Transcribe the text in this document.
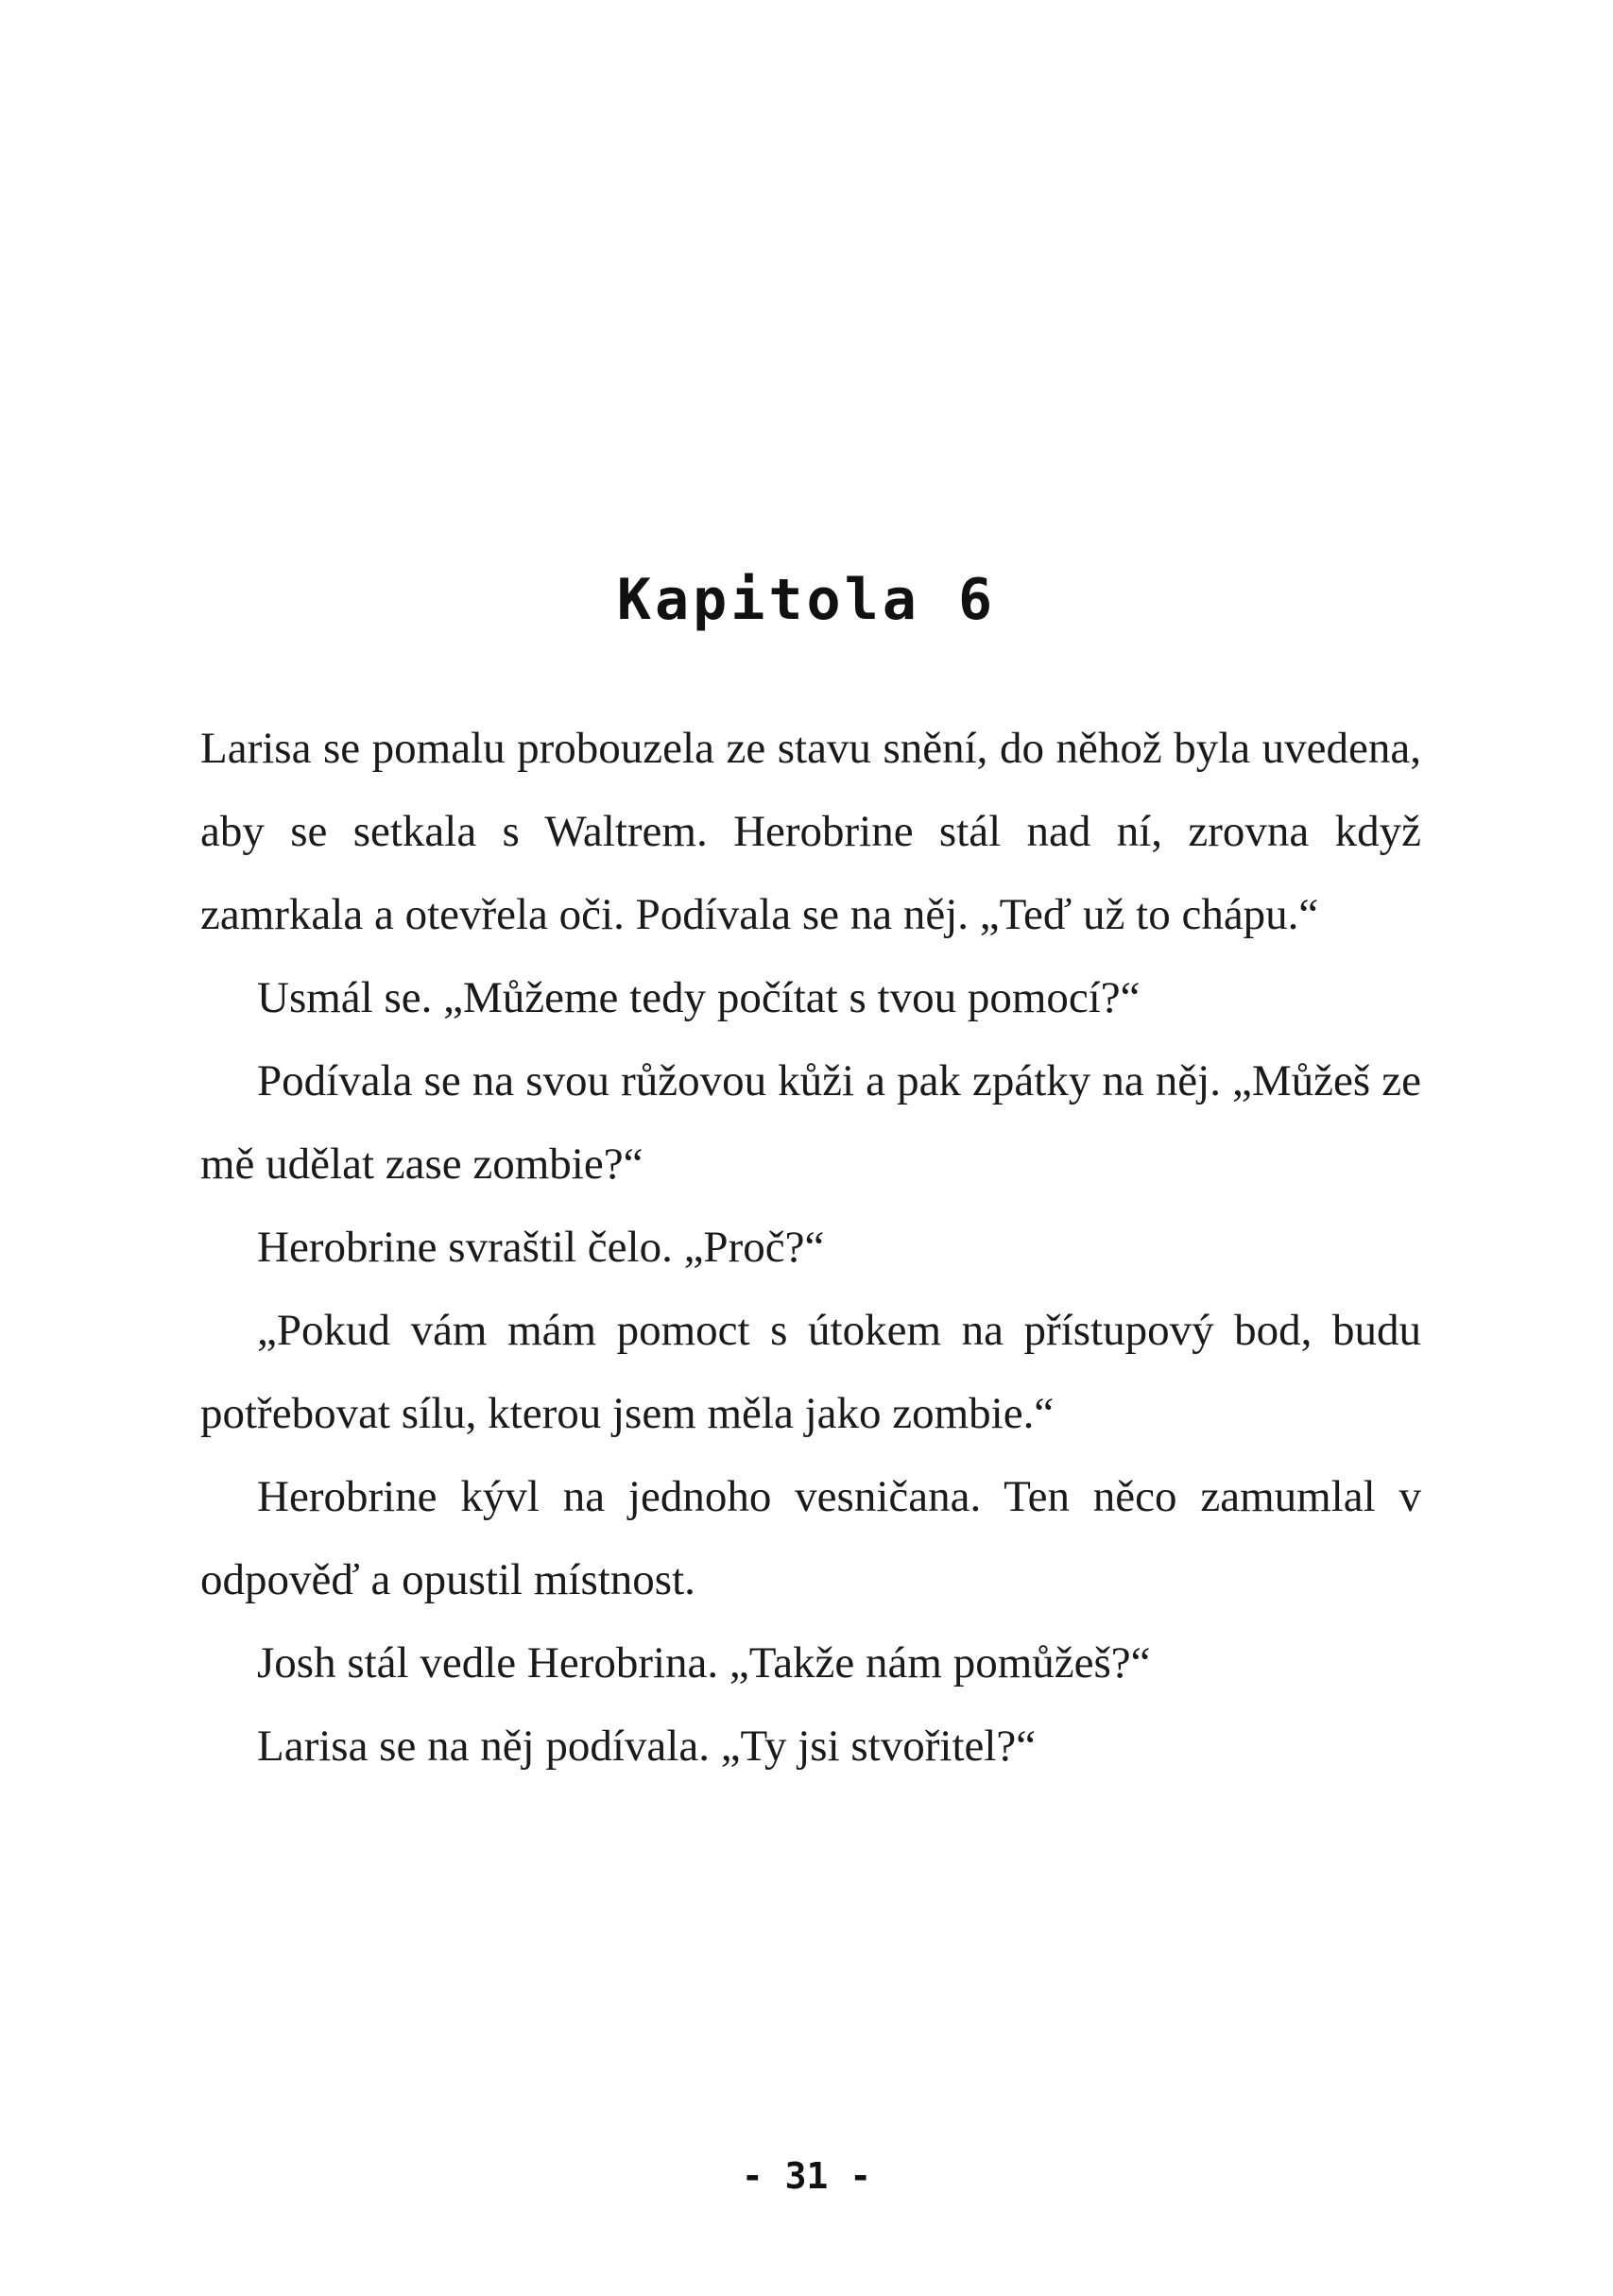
Kapitola 6

Larisa se pomalu probouzela ze stavu snění, do něhož byla uvedena, aby se setkala s Waltrem. Herobrine stál nad ní, zrovna když zamrkala a otevřela oči. Podívala se na něj. „Teď už to chápu.“

Usmál se. „Můžeme tedy počítat s tvou pomocí?“

Podívala se na svou růžovou kůži a pak zpátky na něj. „Můžeš ze mě udělat zase zombie?“

Herobrine svraštil čelo. „Proč?“

„Pokud vám mám pomoct s útokem na přístupový bod, budu potřebovat sílu, kterou jsem měla jako zombie.“

Herobrine kývl na jednoho vesničana. Ten něco zamumlal v odpověď a opustil místnost.

Josh stál vedle Herobrina. „Takže nám pomůžeš?“

Larisa se na něj podívala. „Ty jsi stvořitel?“

- 31 -
